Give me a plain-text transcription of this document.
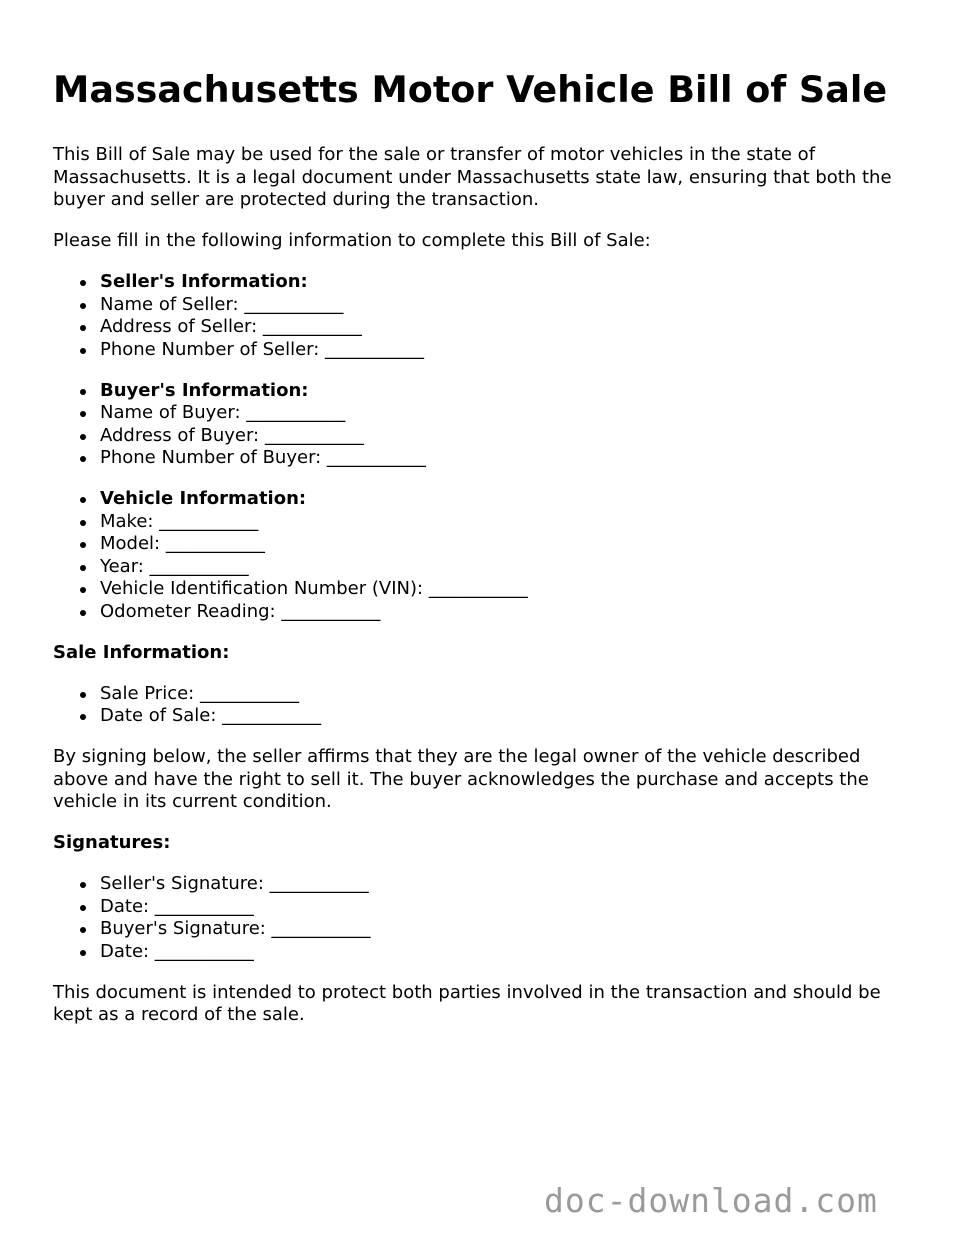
Massachusetts Motor Vehicle Bill of Sale

This Bill of Sale may be used for the sale or transfer of motor vehicles in the state of Massachusetts. It is a legal document under Massachusetts state law, ensuring that both the buyer and seller are protected during the transaction.

Please fill in the following information to complete this Bill of Sale:

Seller's Information:
Name of Seller: ___________
Address of Seller: ___________
Phone Number of Seller: ___________
Buyer's Information:
Name of Buyer: ___________
Address of Buyer: ___________
Phone Number of Buyer: ___________
Vehicle Information:
Make: ___________
Model: ___________
Year: ___________
Vehicle Identification Number (VIN): ___________
Odometer Reading: ___________

Sale Information:

Sale Price: ___________
Date of Sale: ___________

By signing below, the seller affirms that they are the legal owner of the vehicle described above and have the right to sell it. The buyer acknowledges the purchase and accepts the vehicle in its current condition.

Signatures:

Seller's Signature: ___________
Date: ___________
Buyer's Signature: ___________
Date: ___________

This document is intended to protect both parties involved in the transaction and should be kept as a record of the sale.

doc-download.com
